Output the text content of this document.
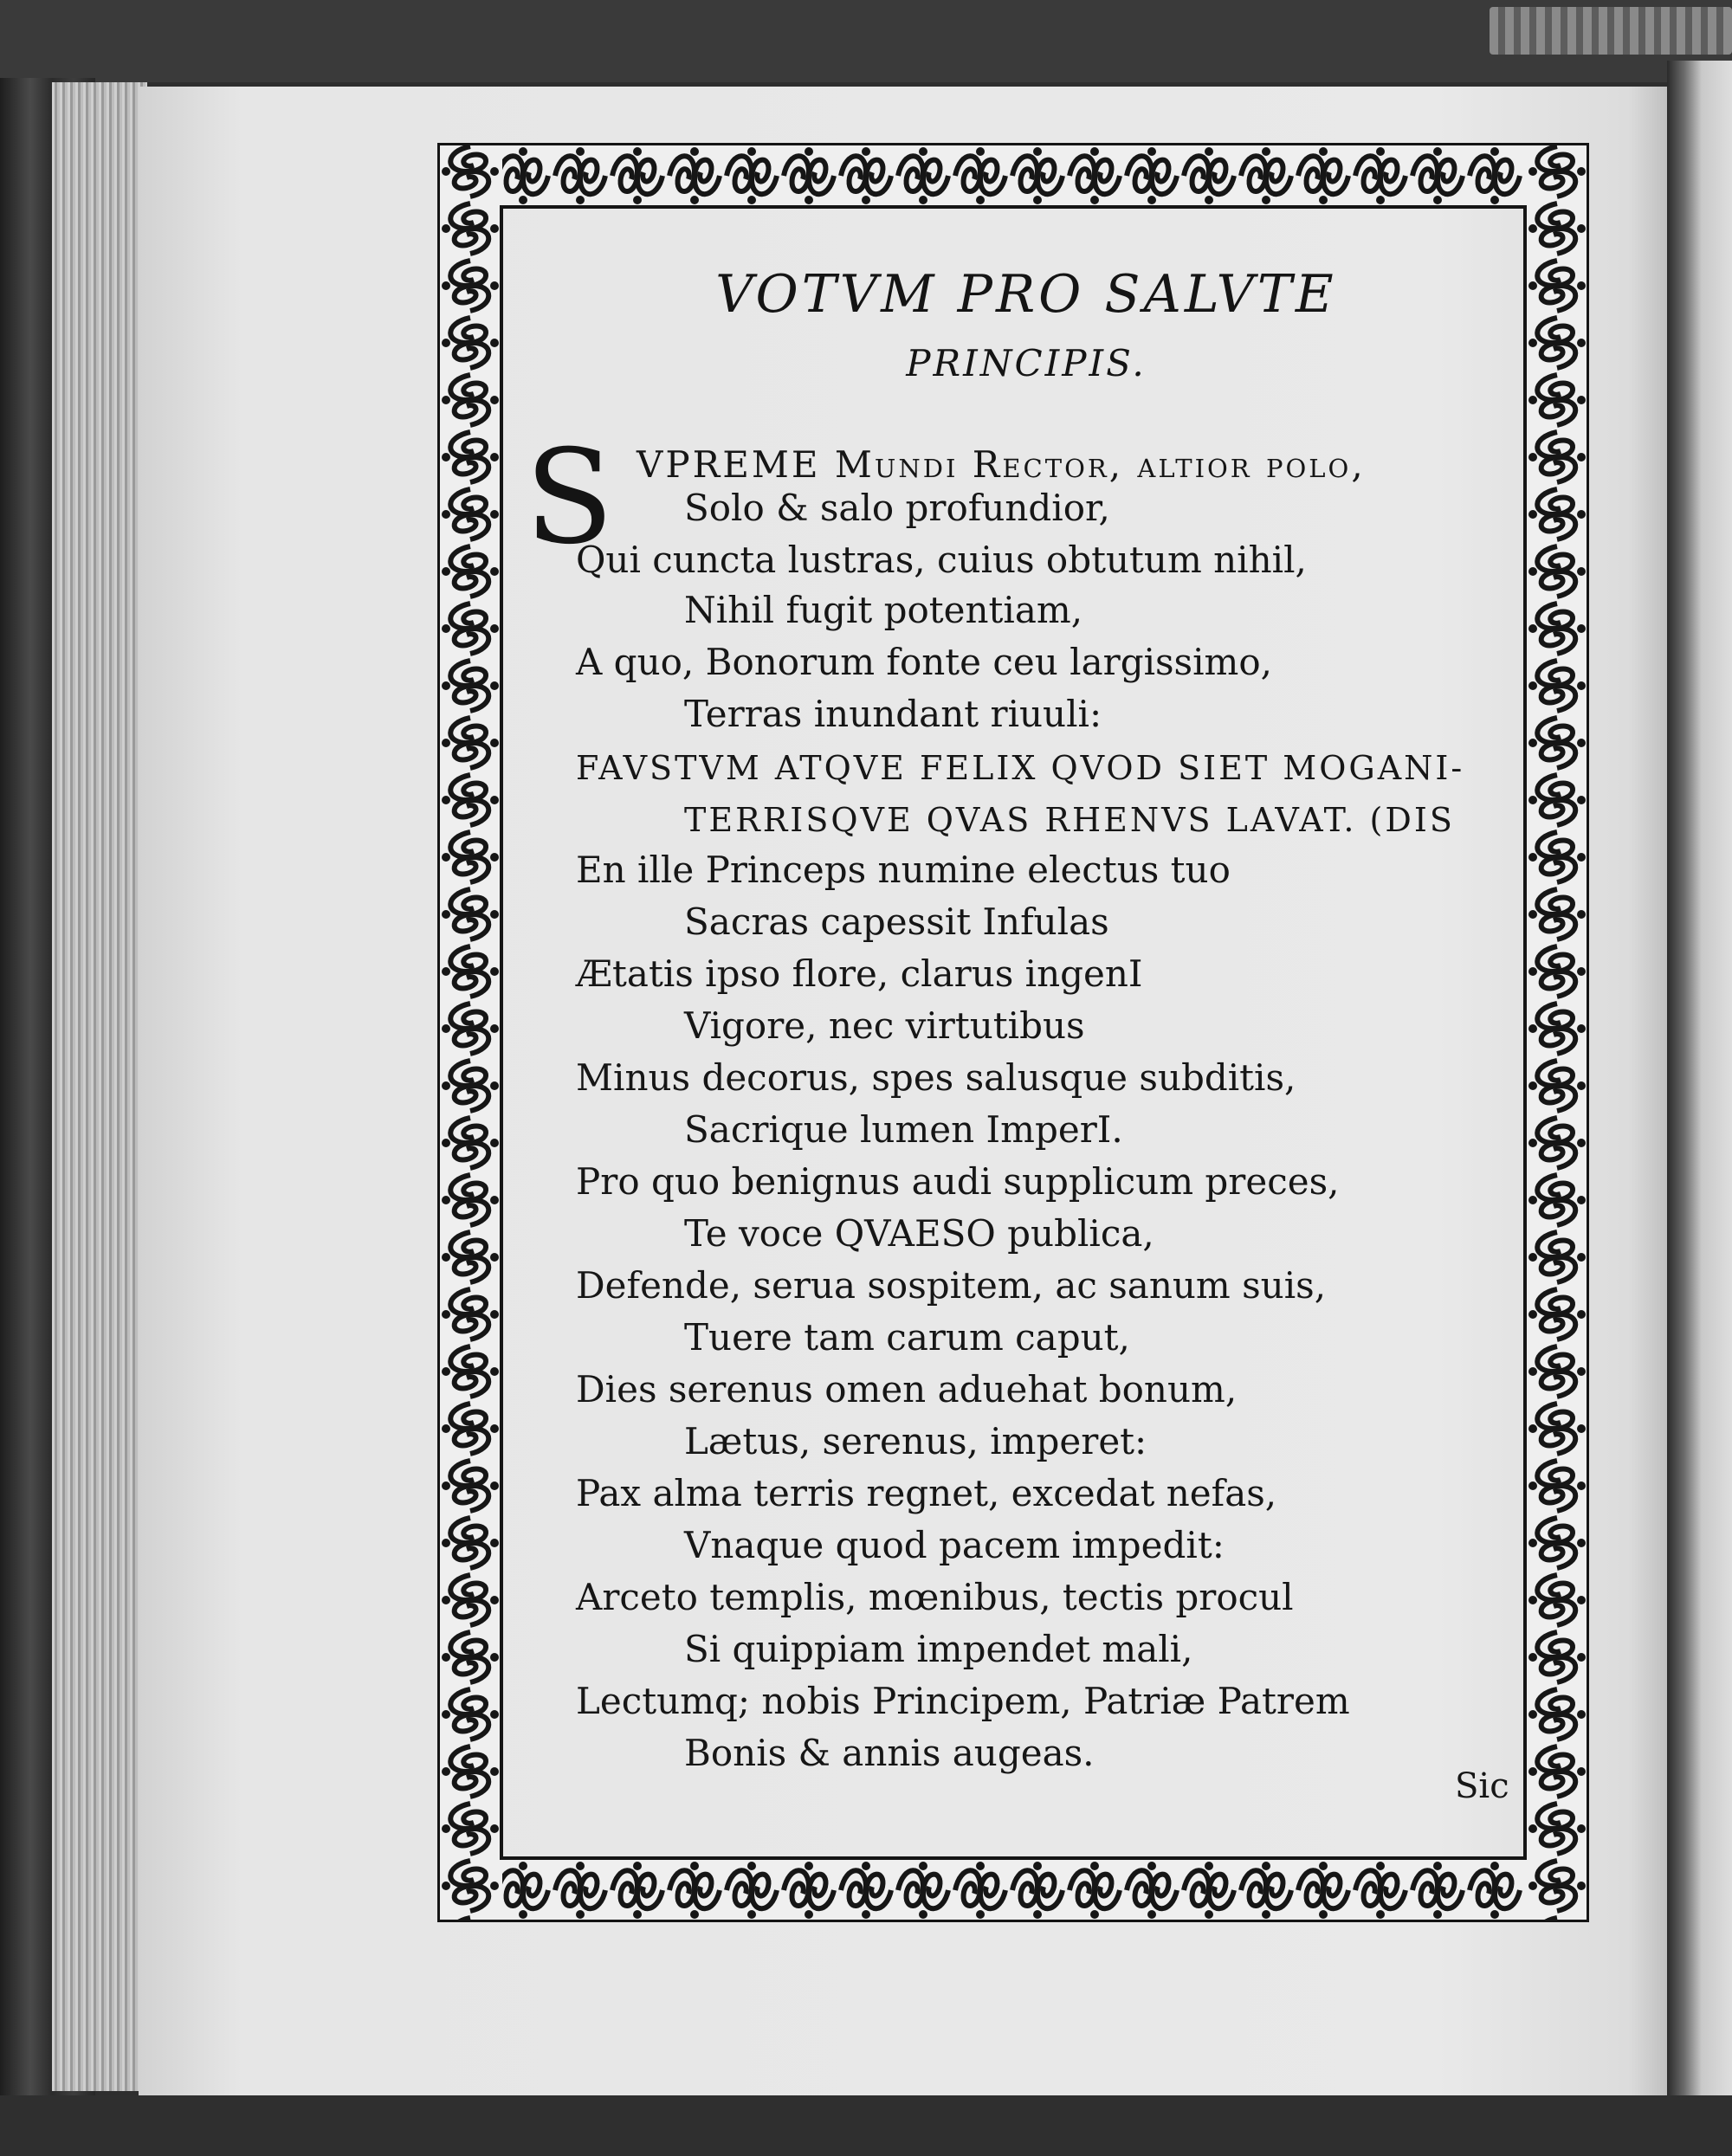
VOTVM PRO SALVTE
PRINCIPIS.
S VPREME Mundi Rector, altior polo,
Solo & salo profundior,
Qui cuncta lustras, cuius obtutum nihil,
Nihil fugit potentiam,
A quo, Bonorum fonte ceu largissimo,
Terras inundant riuuli:
FAVSTVM ATQVE FELIX QVOD SIET MOGANI-
TERRISQVE QVAS RHENVS LAVAT. (DIS
En ille Princeps numine electus tuo
Sacras capessit Infulas
Ætatis ipso flore, clarus ingenI
Vigore, nec virtutibus
Minus decorus, spes salusque subditis,
Sacrique lumen ImperI.
Pro quo benignus audi supplicum preces,
Te voce QVAESO publica,
Defende, serua sospitem, ac sanum suis,
Tuere tam carum caput,
Dies serenus omen aduehat bonum,
Lætus, serenus, imperet:
Pax alma terris regnet, excedat nefas,
Vnaque quod pacem impedit:
Arceto templis, mœnibus, tectis procul
Si quippiam impendet mali,
Lectumq; nobis Principem, Patriæ Patrem
Bonis & annis augeas.
Sic
